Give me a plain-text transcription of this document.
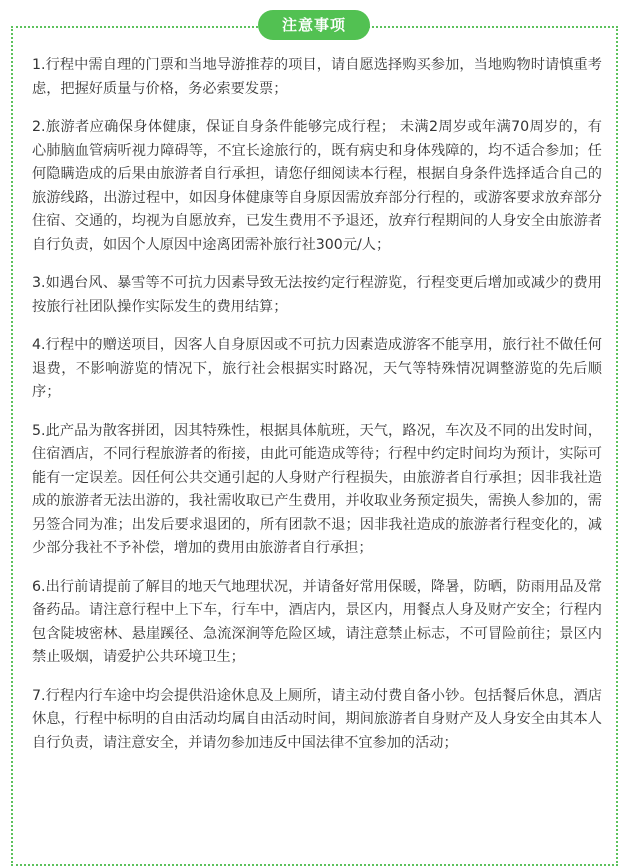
注意事项

1.行程中需自理的门票和当地导游推荐的项目，请自愿选择购买参加，当地购物时请慎重考虑，把握好质量与价格，务必索要发票；

2.旅游者应确保身体健康，保证自身条件能够完成行程； 未满2周岁或年满70周岁的，有心肺脑血管病听视力障碍等，不宜长途旅行的，既有病史和身体残障的，均不适合参加；任何隐瞒造成的后果由旅游者自行承担，请您仔细阅读本行程，根据自身条件选择适合自己的旅游线路，出游过程中，如因身体健康等自身原因需放弃部分行程的，或游客要求放弃部分住宿、交通的，均视为自愿放弃，已发生费用不予退还，放弃行程期间的人身安全由旅游者自行负责，如因个人原因中途离团需补旅行社300元/人；

3.如遇台风、暴雪等不可抗力因素导致无法按约定行程游览，行程变更后增加或减少的费用按旅行社团队操作实际发生的费用结算；

4.行程中的赠送项目，因客人自身原因或不可抗力因素造成游客不能享用，旅行社不做任何退费，不影响游览的情况下，旅行社会根据实时路况，天气等特殊情况调整游览的先后顺序；

5.此产品为散客拼团，因其特殊性，根据具体航班，天气，路况，车次及不同的出发时间，住宿酒店，不同行程旅游者的衔接，由此可能造成等待；行程中约定时间均为预计，实际可能有一定误差。因任何公共交通引起的人身财产行程损失，由旅游者自行承担；因非我社造成的旅游者无法出游的，我社需收取已产生费用，并收取业务预定损失，需换人参加的，需另签合同为准；出发后要求退团的，所有团款不退；因非我社造成的旅游者行程变化的，减少部分我社不予补偿，增加的费用由旅游者自行承担；

6.出行前请提前了解目的地天气地理状况，并请备好常用保暖，降暑，防晒，防雨用品及常备药品。请注意行程中上下车，行车中，酒店内，景区内，用餐点人身及财产安全；行程内包含陡坡密林、悬崖蹊径、急流深涧等危险区域，请注意禁止标志，不可冒险前往；景区内禁止吸烟，请爱护公共环境卫生；

7.行程内行车途中均会提供沿途休息及上厕所，请主动付费自备小钞。包括餐后休息，酒店休息，行程中标明的自由活动均属自由活动时间，期间旅游者自身财产及人身安全由其本人自行负责，请注意安全，并请勿参加违反中国法律不宜参加的活动；
